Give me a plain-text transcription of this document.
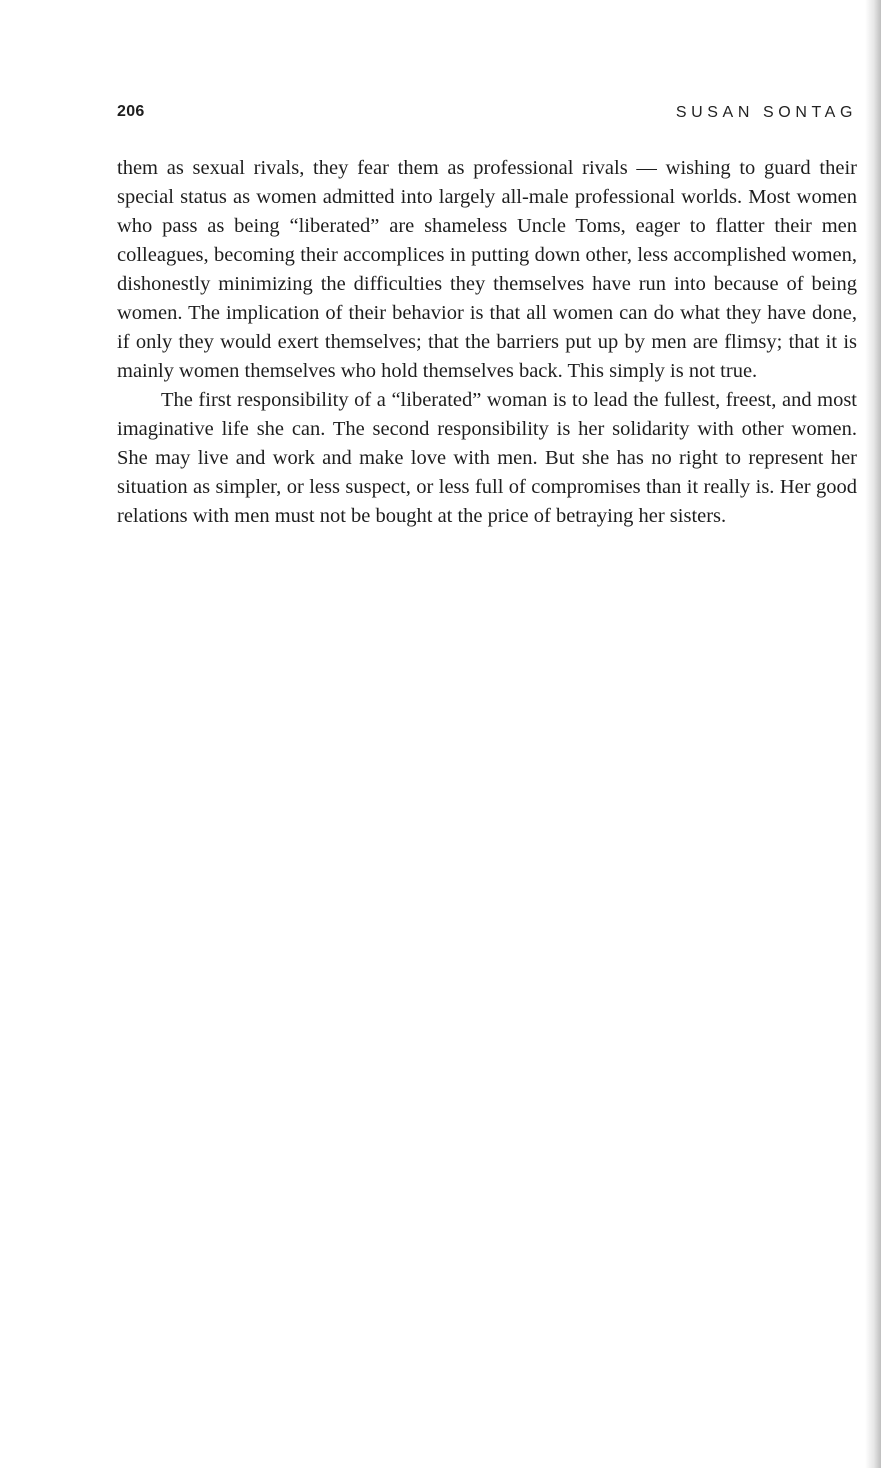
206	SUSAN SONTAG

them as sexual rivals, they fear them as professional rivals — wishing to guard their special status as women admitted into largely all-male professional worlds. Most women who pass as being “liberated” are shameless Uncle Toms, eager to flatter their men colleagues, becoming their accomplices in putting down other, less accomplished women, dishonestly minimizing the difficulties they themselves have run into because of being women. The implication of their behavior is that all women can do what they have done, if only they would exert themselves; that the barriers put up by men are flimsy; that it is mainly women themselves who hold themselves back. This simply is not true.

The first responsibility of a “liberated” woman is to lead the fullest, freest, and most imaginative life she can. The second responsibility is her solidarity with other women. She may live and work and make love with men. But she has no right to represent her situation as simpler, or less suspect, or less full of compromises than it really is. Her good relations with men must not be bought at the price of betraying her sisters.
